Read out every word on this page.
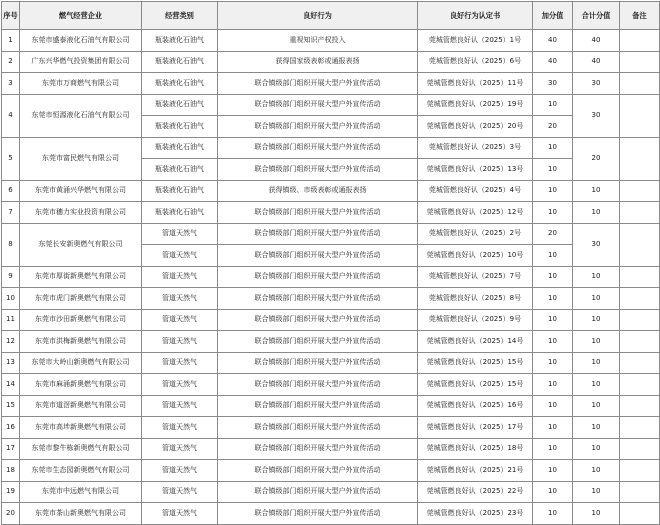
序号	燃气经营企业	经营类别	良好行为	良好行为认定书	加分值	合计分值	备注
1	东莞市盛泰液化石油气有限公司	瓶装液化石油气	重视知识产权投入	莞城管燃良好认（2025）1号	40	40	
2	广东兴华燃气投资集团有限公司	瓶装液化石油气	获得国家级表彰或通报表扬	莞城管燃良好认（2025）6号	40	40	
3	东莞市万商燃气有限公司	瓶装液化石油气	联合镇级部门组织开展大型户外宣传活动	莞城管燃良好认（2025）11号	30	30	
4	东莞市恒源液化石油气有限公司	瓶装液化石油气	联合镇级部门组织开展大型户外宣传活动	莞城管燃良好认（2025）19号	10	30	
		瓶装液化石油气	联合镇级部门组织开展大型户外宣传活动	莞城管燃良好认（2025）20号	20		
5	东莞市富民燃气有限公司	瓶装液化石油气	联合镇级部门组织开展大型户外宣传活动	莞城管燃良好认（2025）3号	10	20	
		瓶装液化石油气	联合镇级部门组织开展大型户外宣传活动	莞城管燃良好认（2025）13号	10		
6	东莞市黄涌兴华燃气有限公司	瓶装液化石油气	获得镇级、市级表彰或通报表扬	莞城管燃良好认（2025）4号	10	10	
7	东莞市穗力实业投资有限公司	瓶装液化石油气	联合镇级部门组织开展大型户外宣传活动	莞城管燃良好认（2025）12号	10	10	
8	东莞长安新奥燃气有限公司	管道天然气	联合镇级部门组织开展大型户外宣传活动	莞城管燃良好认（2025）2号	20	30	
		管道天然气	联合镇级部门组织开展大型户外宣传活动	莞城管燃良好认（2025）10号	10		
9	东莞市厚街新奥燃气有限公司	管道天然气	联合镇级部门组织开展大型户外宣传活动	莞城管燃良好认（2025）7号	10	10	
10	东莞市虎门新奥燃气有限公司	管道天然气	联合镇级部门组织开展大型户外宣传活动	莞城管燃良好认（2025）8号	10	10	
11	东莞市沙田新奥燃气有限公司	管道天然气	联合镇级部门组织开展大型户外宣传活动	莞城管燃良好认（2025）9号	10	10	
12	东莞市洪梅新奥燃气有限公司	管道天然气	联合镇级部门组织开展大型户外宣传活动	莞城管燃良好认（2025）14号	10	10	
13	东莞市大岭山新奥燃气有限公司	管道天然气	联合镇级部门组织开展大型户外宣传活动	莞城管燃良好认（2025）15号	10	10	
14	东莞市麻涌新奥燃气有限公司	管道天然气	联合镇级部门组织开展大型户外宣传活动	莞城管燃良好认（2025）15号	10	10	
15	东莞市道滘新奥燃气有限公司	管道天然气	联合镇级部门组织开展大型户外宣传活动	莞城管燃良好认（2025）16号	10	10	
16	东莞市高埗新奥燃气有限公司	管道天然气	联合镇级部门组织开展大型户外宣传活动	莞城管燃良好认（2025）17号	10	10	
17	东莞市黎牛栋新奥燃气有限公司	管道天然气	联合镇级部门组织开展大型户外宣传活动	莞城管燃良好认（2025）18号	10	10	
18	东莞市生态园新奥燃气有限公司	管道天然气	联合镇级部门组织开展大型户外宣传活动	莞城管燃良好认（2025）21号	10	10	
19	东莞市中远燃气有限公司	管道天然气	联合镇级部门组织开展大型户外宣传活动	莞城管燃良好认（2025）22号	10	10	
20	东莞市茶山新奥燃气有限公司	管道天然气	联合镇级部门组织开展大型户外宣传活动	莞城管燃良好认（2025）23号	10	10	
